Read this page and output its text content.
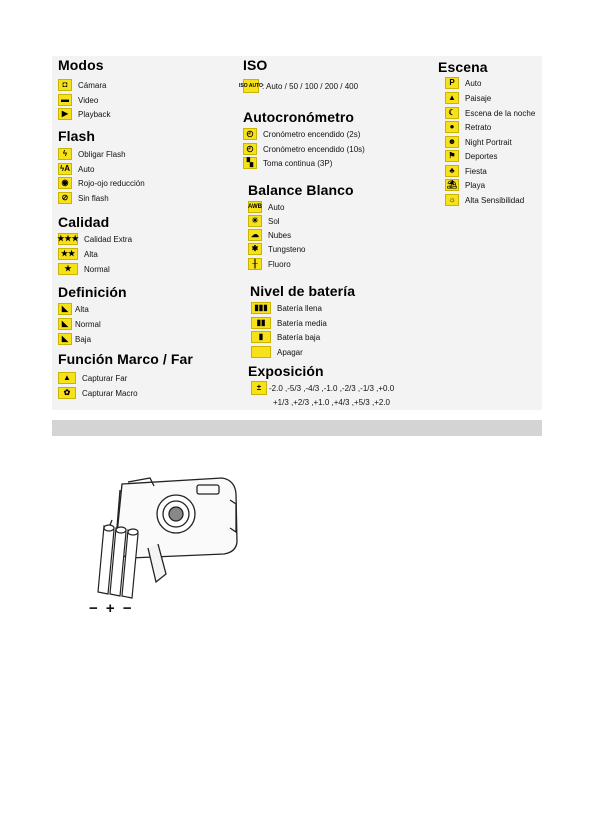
Modos
◘	Cámara
▬	Video
▶	Playback
Flash
ϟ	Obligar Flash
ϟA Auto
◉	Rojo-ojo reducción
⊘	Sin flash
Calidad
★★★ Calidad Extra
★★	Alta
★	Normal
Definición
◣ Alta
◣ Normal
◣ Baja
Función Marco / Far
▲	Capturar Far
✿	Capturar Macro
ISO
ISO AUTO : Auto / 50 / 100 / 200 / 400
Autocronómetro
◴	Cronómetro encendido (2s)
◴	Cronómetro encendido (10s)
▚	Toma continua (3P)
Balance Blanco
AWB Auto
☀	Sol
☁	Nubes
✱	Tungsteno
╫	Fluoro
Nivel de batería
▮▮▮	Batería llena
▮▮	Batería media
▮	Batería baja
Apagar
Exposición
± -2.0 ,-5/3 ,-4/3 ,-1.0 ,-2/3 ,-1/3 ,+0.0
+1/3 ,+2/3 ,+1.0 ,+4/3 ,+5/3 ,+2.0
Escena
P	Auto
▲	Paisaje
☾	Escena de la noche
●	Retrato
☻	Night Portrait
⚑	Deportes
♣	Fiesta
⛱ Playa
☼	Alta Sensibilidad
− + −
